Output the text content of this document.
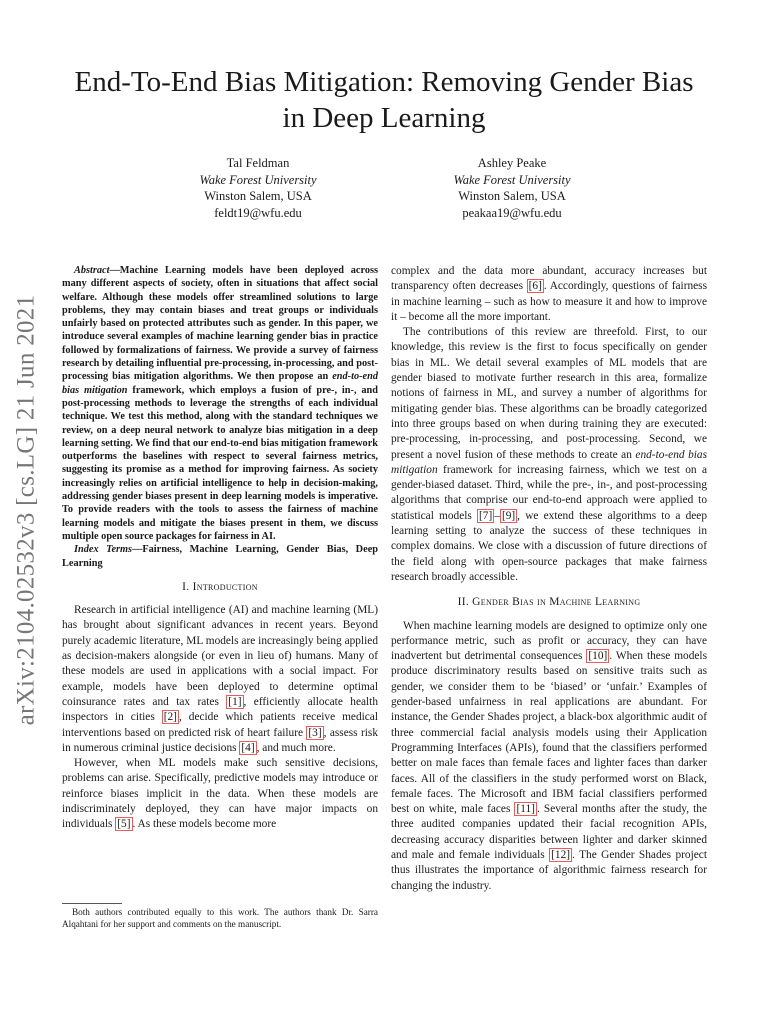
arXiv:2104.02532v3 [cs.LG] 21 Jun 2021
End-To-End Bias Mitigation: Removing Gender Bias in Deep Learning
Tal Feldman
Wake Forest University
Winston Salem, USA
feldt19@wfu.edu
Ashley Peake
Wake Forest University
Winston Salem, USA
peakaa19@wfu.edu

Abstract—Machine Learning models have been deployed across many different aspects of society, often in situations that affect social welfare. Although these models offer streamlined solutions to large problems, they may contain biases and treat groups or individuals unfairly based on protected attributes such as gender. In this paper, we introduce several examples of machine learning gender bias in practice followed by formalizations of fairness. We provide a survey of fairness research by detailing influential pre-processing, in-processing, and post-processing bias mitigation algorithms. We then propose an end-to-end bias mitigation framework, which employs a fusion of pre-, in-, and post-processing methods to leverage the strengths of each individual technique. We test this method, along with the standard techniques we review, on a deep neural network to analyze bias mitigation in a deep learning setting. We find that our end-to-end bias mitigation framework outperforms the baselines with respect to several fairness metrics, suggesting its promise as a method for improving fairness. As society increasingly relies on artificial intelligence to help in decision-making, addressing gender biases present in deep learning models is imperative. To provide readers with the tools to assess the fairness of machine learning models and mitigate the biases present in them, we discuss multiple open source packages for fairness in AI.

Index Terms—Fairness, Machine Learning, Gender Bias, Deep Learning

I. Introduction

Research in artificial intelligence (AI) and machine learning (ML) has brought about significant advances in recent years. Beyond purely academic literature, ML models are increasingly being applied as decision-makers alongside (or even in lieu of) humans. Many of these models are used in applications with a social impact. For example, models have been deployed to determine optimal coinsurance rates and tax rates [1] , efficiently allocate health inspectors in cities [2] , decide which patients receive medical interventions based on predicted risk of heart failure [3] , assess risk in numerous criminal justice decisions [4] , and much more.

However, when ML models make such sensitive decisions, problems can arise. Specifically, predictive models may introduce or reinforce biases implicit in the data. When these models are indiscriminately deployed, they can have major impacts on individuals [5] . As these models become more

Both authors contributed equally to this work. The authors thank Dr. Sarra Alqahtani for her support and comments on the manuscript.

complex and the data more abundant, accuracy increases but transparency often decreases [6] . Accordingly, questions of fairness in machine learning – such as how to measure it and how to improve it – become all the more important.

The contributions of this review are threefold. First, to our knowledge, this review is the first to focus specifically on gender bias in ML. We detail several examples of ML models that are gender biased to motivate further research in this area, formalize notions of fairness in ML, and survey a number of algorithms for mitigating gender bias. These algorithms can be broadly categorized into three groups based on when during training they are executed: pre-processing, in-processing, and post-processing. Second, we present a novel fusion of these methods to create an end-to-end bias mitigation framework for increasing fairness, which we test on a gender-biased dataset. Third, while the pre-, in-, and post-processing algorithms that comprise our end-to-end approach were applied to statistical models [7] – [9] , we extend these algorithms to a deep learning setting to analyze the success of these techniques in complex domains. We close with a discussion of future directions of the field along with open-source packages that make fairness research broadly accessible.

II. Gender Bias in Machine Learning

When machine learning models are designed to optimize only one performance metric, such as profit or accuracy, they can have inadvertent but detrimental consequences [10] . When these models produce discriminatory results based on sensitive traits such as gender, we consider them to be ‘biased’ or ‘unfair.’ Examples of gender-based unfairness in real applications are abundant. For instance, the Gender Shades project, a black-box algorithmic audit of three commercial facial analysis models using their Application Programming Interfaces (APIs), found that the classifiers performed better on male faces than female faces and lighter faces than darker faces. All of the classifiers in the study performed worst on Black, female faces. The Microsoft and IBM facial classifiers performed best on white, male faces [11] . Several months after the study, the three audited companies updated their facial recognition APIs, decreasing accuracy disparities between lighter and darker skinned and male and female individuals [12] . The Gender Shades project thus illustrates the importance of algorithmic fairness research for changing the industry.
